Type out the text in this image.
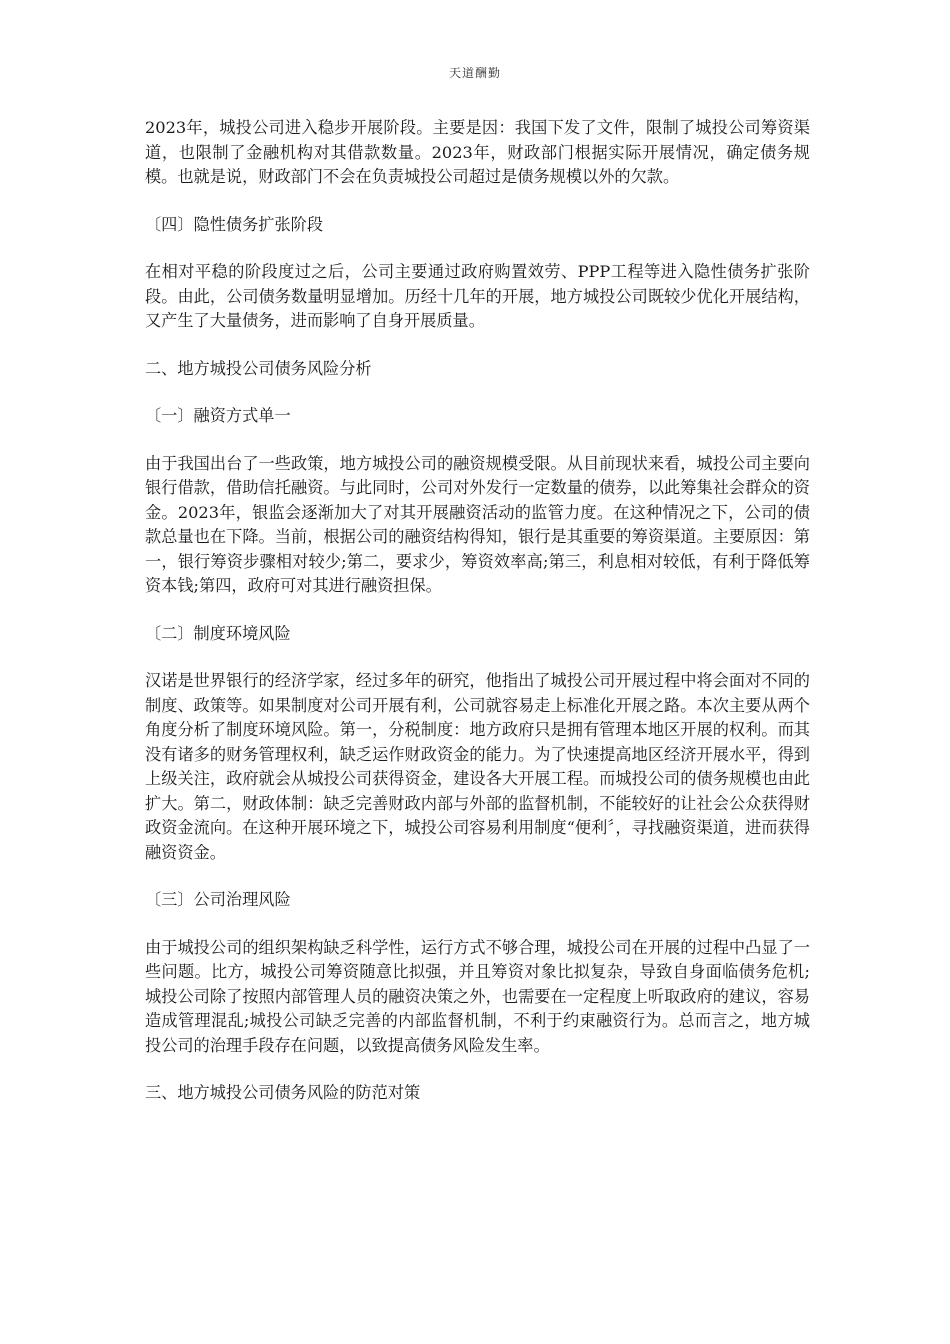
天道酬勤

2023年，城投公司进入稳步开展阶段。主要是因：我国下发了文件，限制了城投公司筹资渠道，也限制了金融机构对其借款数量。2023年，财政部门根据实际开展情况，确定债务规模。也就是说，财政部门不会在负责城投公司超过是债务规模以外的欠款。

〔四〕隐性债务扩张阶段

在相对平稳的阶段度过之后，公司主要通过政府购置效劳、PPP工程等进入隐性债务扩张阶段。由此，公司债务数量明显增加。历经十几年的开展，地方城投公司既较少优化开展结构，又产生了大量债务，进而影响了自身开展质量。

二、地方城投公司债务风险分析

〔一〕融资方式单一

由于我国出台了一些政策，地方城投公司的融资规模受限。从目前现状来看，城投公司主要向银行借款，借助信托融资。与此同时，公司对外发行一定数量的债券，以此筹集社会群众的资金。2023年，银监会逐渐加大了对其开展融资活动的监管力度。在这种情况之下，公司的债款总量也在下降。当前，根据公司的融资结构得知，银行是其重要的筹资渠道。主要原因：第一，银行筹资步骤相对较少;第二，要求少，筹资效率高;第三，利息相对较低，有利于降低筹资本钱;第四，政府可对其进行融资担保。

〔二〕制度环境风险

汉诺是世界银行的经济学家，经过多年的研究，他指出了城投公司开展过程中将会面对不同的制度、政策等。如果制度对公司开展有利，公司就容易走上标准化开展之路。本次主要从两个角度分析了制度环境风险。第一，分税制度：地方政府只是拥有管理本地区开展的权利。而其没有诸多的财务管理权利，缺乏运作财政资金的能力。为了快速提高地区经济开展水平，得到上级关注，政府就会从城投公司获得资金，建设各大开展工程。而城投公司的债务规模也由此扩大。第二，财政体制：缺乏完善财政内部与外部的监督机制，不能较好的让社会公众获得财政资金流向。在这种开展环境之下，城投公司容易利用制度“便利〞，寻找融资渠道，进而获得融资资金。

〔三〕公司治理风险

由于城投公司的组织架构缺乏科学性，运行方式不够合理，城投公司在开展的过程中凸显了一些问题。比方，城投公司筹资随意比拟强，并且筹资对象比拟复杂，导致自身面临债务危机;城投公司除了按照内部管理人员的融资决策之外，也需要在一定程度上听取政府的建议，容易造成管理混乱;城投公司缺乏完善的内部监督机制，不利于约束融资行为。总而言之，地方城投公司的治理手段存在问题，以致提高债务风险发生率。

三、地方城投公司债务风险的防范对策
